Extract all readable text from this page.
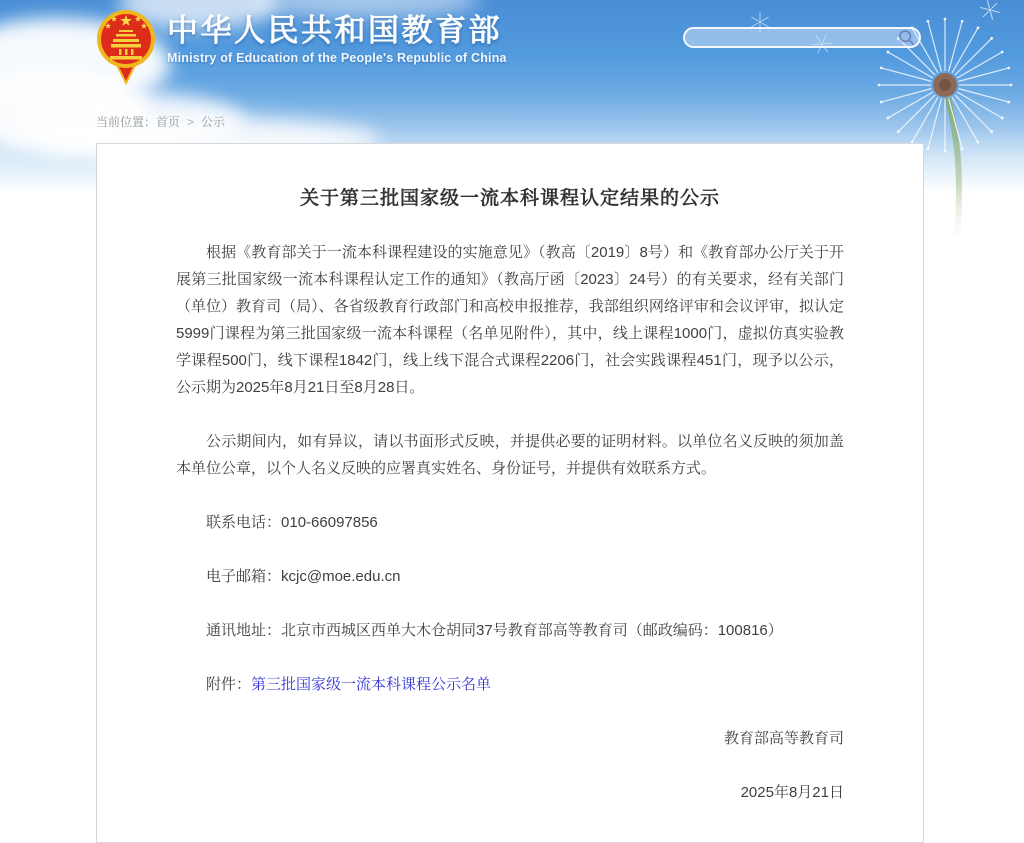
中华人民共和国教育部
Ministry of Education of the People's Republic of China
当前位置：首页 > 公示
关于第三批国家级一流本科课程认定结果的公示

根据《教育部关于一流本科课程建设的实施意见》（教高〔2019〕8号）和《教育部办公厅关于开展第三批国家级一流本科课程认定工作的通知》（教高厅函〔2023〕24号）的有关要求，经有关部门（单位）教育司（局）、各省级教育行政部门和高校申报推荐，我部组织网络评审和会议评审，拟认定5999门课程为第三批国家级一流本科课程（名单见附件），其中，线上课程1000门，虚拟仿真实验教学课程500门，线下课程1842门，线上线下混合式课程2206门，社会实践课程451门，现予以公示，公示期为2025年8月21日至8月28日。

公示期间内，如有异议，请以书面形式反映，并提供必要的证明材料。以单位名义反映的须加盖本单位公章，以个人名义反映的应署真实姓名、身份证号，并提供有效联系方式。

联系电话：010-66097856

电子邮箱：kcjc@moe.edu.cn

通讯地址：北京市西城区西单大木仓胡同37号教育部高等教育司（邮政编码：100816）

附件：第三批国家级一流本科课程公示名单

教育部高等教育司

2025年8月21日
